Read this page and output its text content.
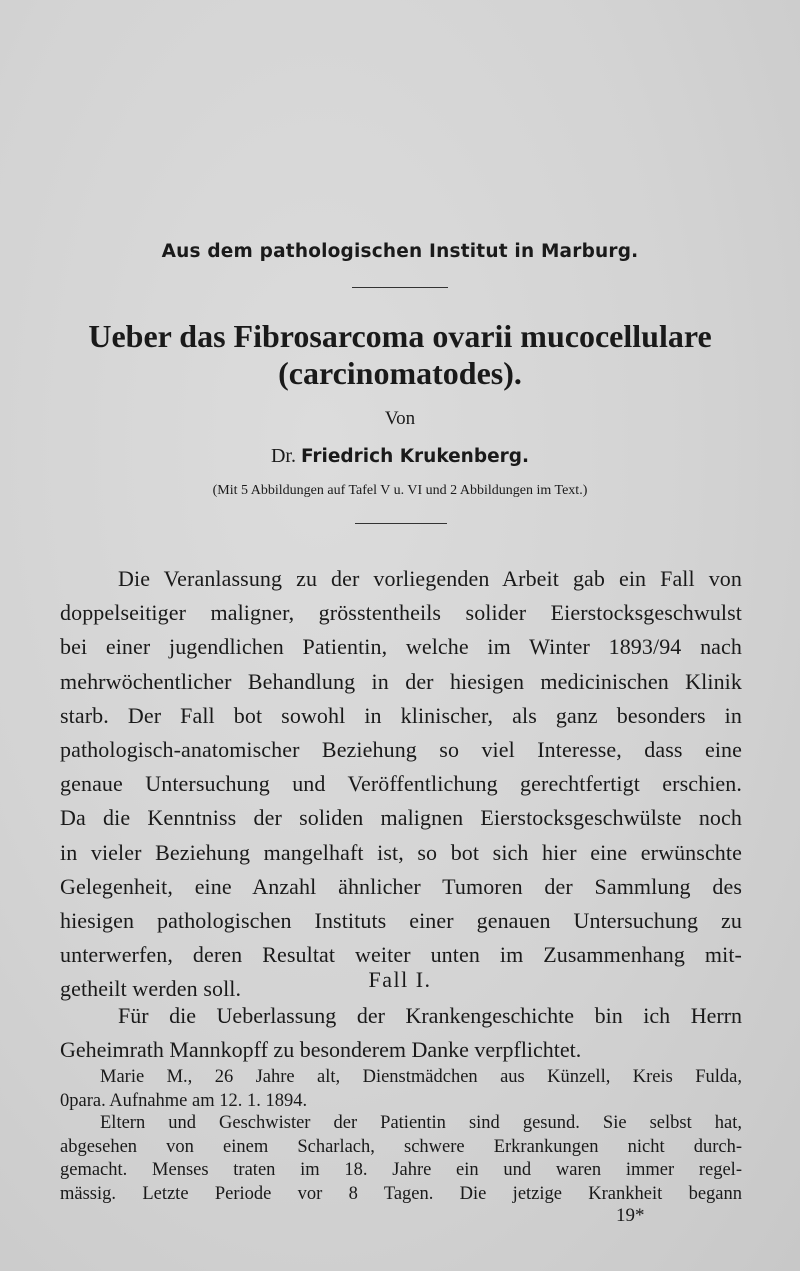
Aus dem pathologischen Institut in Marburg.
Ueber das Fibrosarcoma ovarii mucocellulare
(carcinomatodes).
Von
Dr. Friedrich Krukenberg.
(Mit 5 Abbildungen auf Tafel V u. VI und 2 Abbildungen im Text.)
Die Veranlassung zu der vorliegenden Arbeit gab ein Fall von
doppelseitiger maligner, grösstentheils solider Eierstocksgeschwulst
bei einer jugendlichen Patientin, welche im Winter 1893/94 nach
mehrwöchentlicher Behandlung in der hiesigen medicinischen Klinik
starb. Der Fall bot sowohl in klinischer, als ganz besonders in
pathologisch-anatomischer Beziehung so viel Interesse, dass eine
genaue Untersuchung und Veröffentlichung gerechtfertigt erschien.
Da die Kenntniss der soliden malignen Eierstocksgeschwülste noch
in vieler Beziehung mangelhaft ist, so bot sich hier eine erwünschte
Gelegenheit, eine Anzahl ähnlicher Tumoren der Sammlung des
hiesigen pathologischen Instituts einer genauen Untersuchung zu
unterwerfen, deren Resultat weiter unten im Zusammenhang mit-
getheilt werden soll.	Fall I.
Für die Ueberlassung der Krankengeschichte bin ich Herrn
Geheimrath Mannkopff zu besonderem Danke verpflichtet.
Marie M., 26 Jahre alt, Dienstmädchen aus Künzell, Kreis Fulda,
0para. Aufnahme am 12. 1. 1894.
Eltern und Geschwister der Patientin sind gesund. Sie selbst hat,
abgesehen von einem Scharlach, schwere Erkrankungen nicht durch-
gemacht. Menses traten im 18. Jahre ein und waren immer regel-
mässig. Letzte Periode vor 8 Tagen. Die jetzige Krankheit begann
19*
